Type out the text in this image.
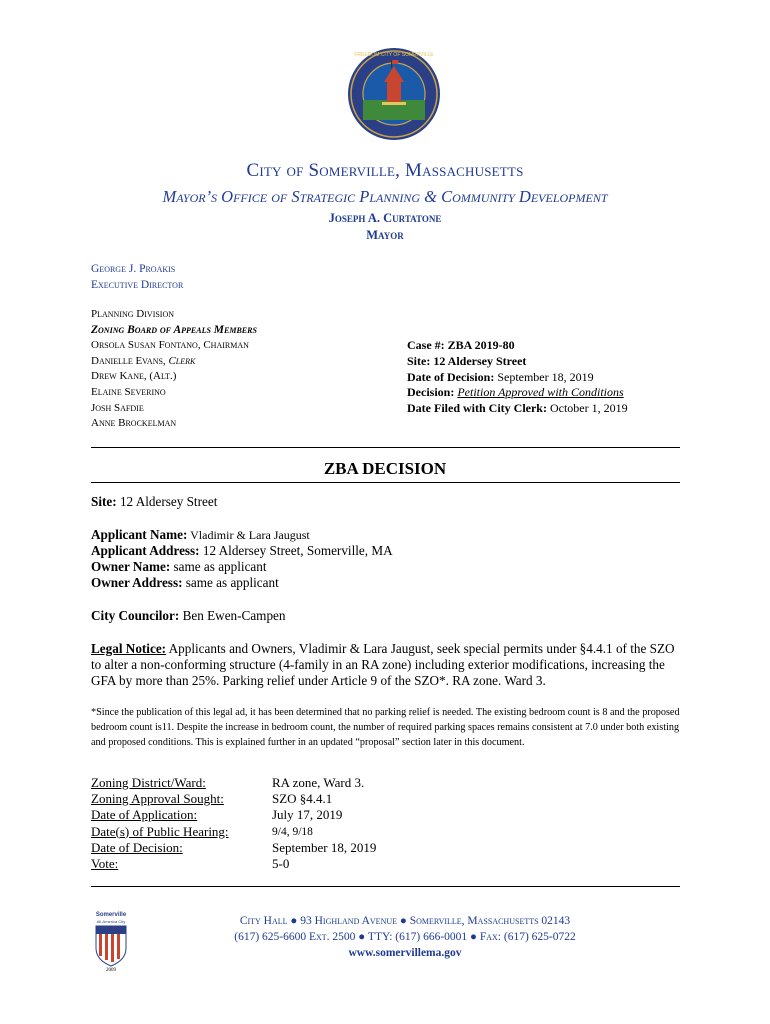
FREEDOM CITY OF SOMERVILLE
City of Somerville, Massachusetts
Mayor’s Office of Strategic Planning & Community Development
Joseph A. Curtatone
Mayor
George J. Proakis
Executive Director
Planning Division
Zoning Board of Appeals Members
Orsola Susan Fontano, Chairman
Danielle Evans, Clerk
Drew Kane, (Alt.)
Elaine Severino
Josh Safdie
Anne Brockelman
Case #: ZBA 2019-80
Site: 12 Aldersey Street
Date of Decision: September 18, 2019
Decision: Petition Approved with Conditions
Date Filed with City Clerk: October 1, 2019
ZBA DECISION
Site: 12 Aldersey Street
Applicant Name: Vladimir & Lara Jaugust
Applicant Address: 12 Aldersey Street, Somerville, MA
Owner Name: same as applicant
Owner Address: same as applicant
City Councilor: Ben Ewen-Campen
Legal Notice: Applicants and Owners, Vladimir & Lara Jaugust, seek special permits under §4.4.1 of the SZO to alter a non-conforming structure (4-family in an RA zone) including exterior modifications, increasing the GFA by more than 25%. Parking relief under Article 9 of the SZO*. RA zone. Ward 3.
*Since the publication of this legal ad, it has been determined that no parking relief is needed. The existing bedroom count is 8 and the proposed bedroom count is11. Despite the increase in bedroom count, the number of required parking spaces remains consistent at 7.0 under both existing and proposed conditions. This is explained further in an updated “proposal” section later in this document.
Zoning District/Ward:	RA zone, Ward 3.
Zoning Approval Sought:	SZO §4.4.1
Date of Application:	July 17, 2019
Date(s) of Public Hearing:	9/4, 9/18
Date of Decision:	September 18, 2019
Vote:	5-0
Somerville
All-America City
2009
City Hall ● 93 Highland Avenue ● Somerville, Massachusetts 02143
(617) 625-6600 Ext. 2500 ● TTY: (617) 666-0001 ● Fax: (617) 625-0722
www.somervillema.gov
